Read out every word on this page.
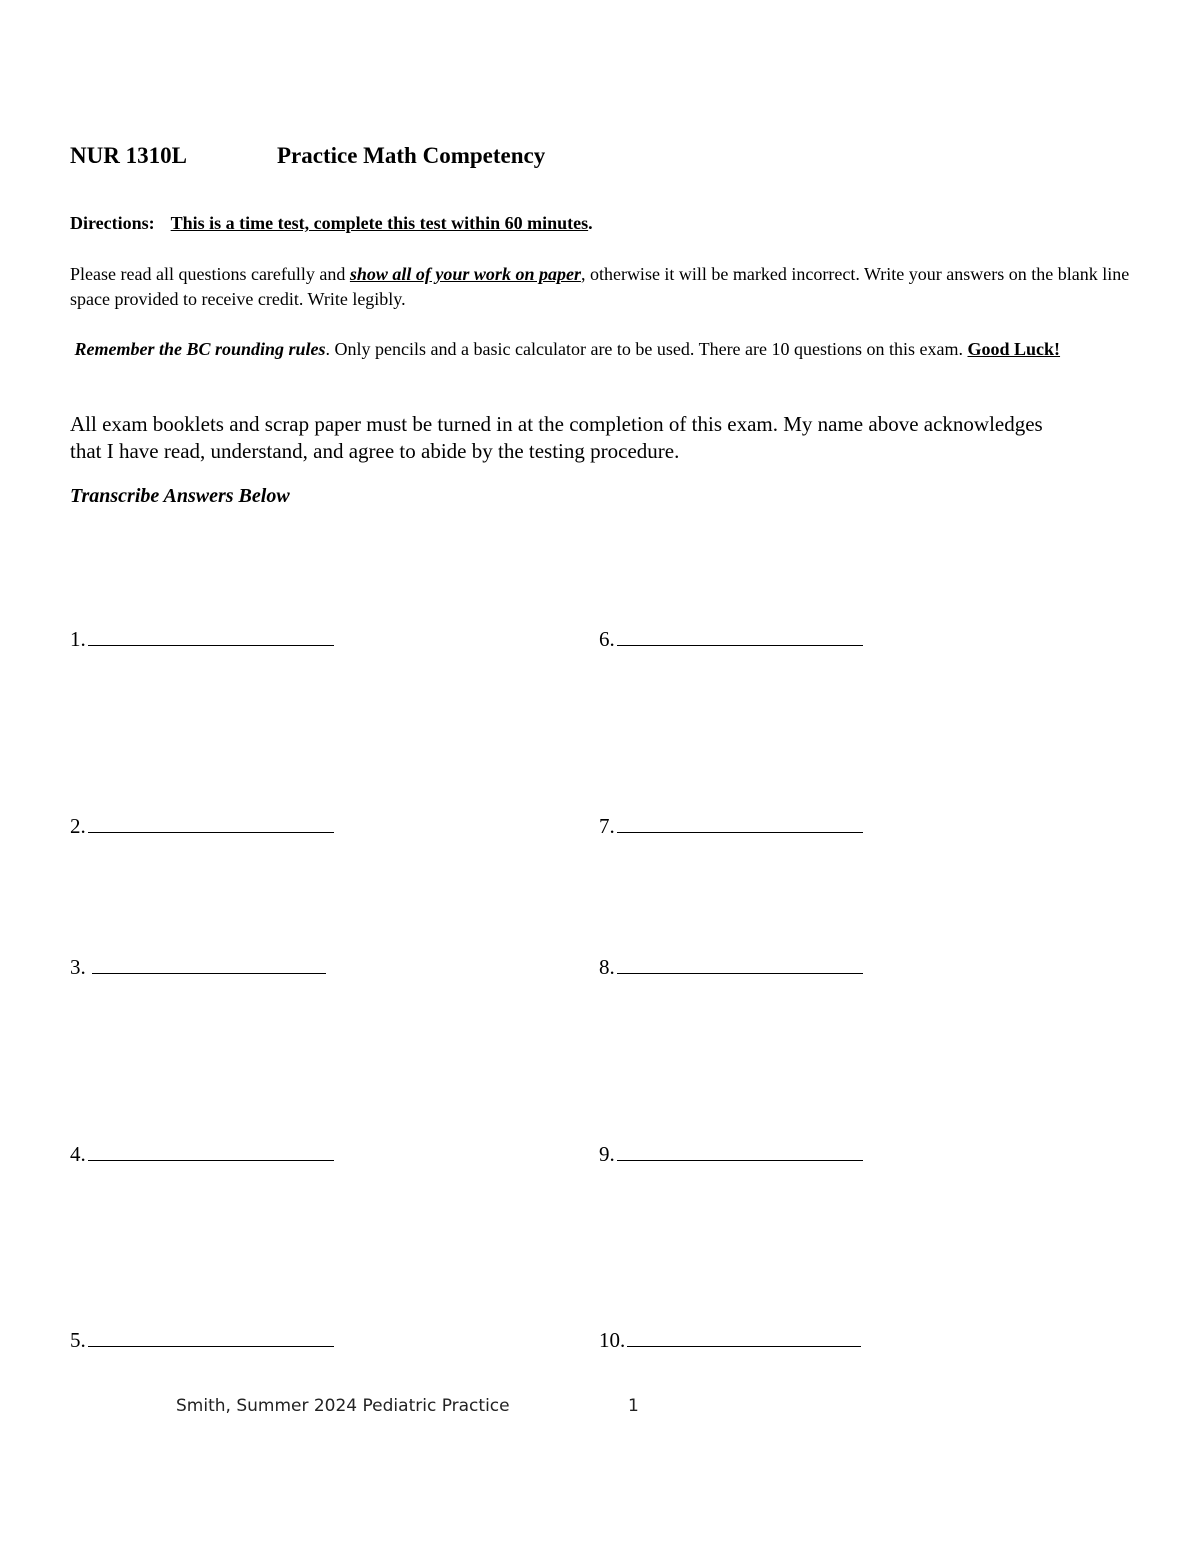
NUR 1310L	Practice Math Competency
Directions: This is a time test, complete this test within 60 minutes.
Please read all questions carefully and show all of your work on paper, otherwise it will be marked incorrect. Write your answers on the blank line space provided to receive credit. Write legibly.
Remember the BC rounding rules. Only pencils and a basic calculator are to be used. There are 10 questions on this exam. Good Luck!
All exam booklets and scrap paper must be turned in at the completion of this exam. My name above acknowledges that I have read, understand, and agree to abide by the testing procedure.
Transcribe Answers Below
1.
2.
3.
4.
5.
6.
7.
8.
9.
10.
Smith, Summer 2024 Pediatric Practice	1
